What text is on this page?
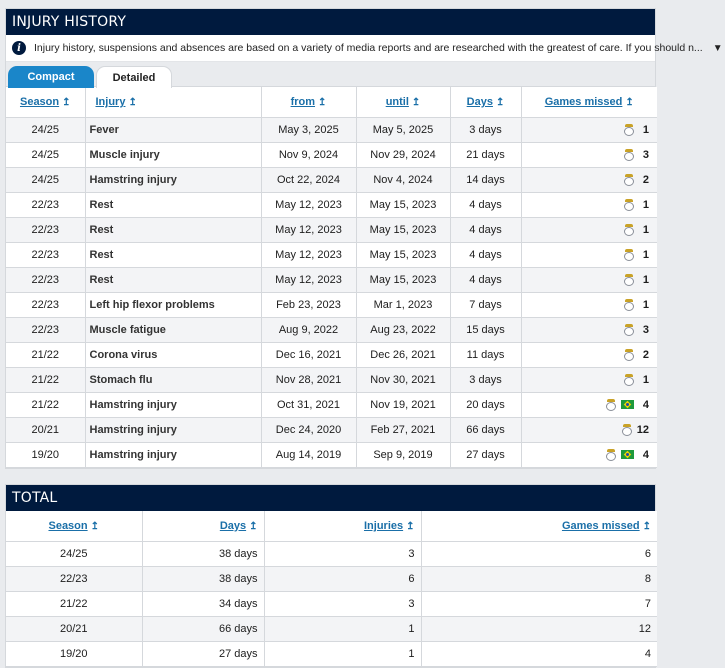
INJURY HISTORY
i	Injury history, suspensions and absences are based on a variety of media reports and are researched with the greatest of care. If you should n... ▼
Compact	Detailed
Season ↥	Injury ↥	from ↥	until ↥	Days ↥	Games missed ↥
24/25	Fever	May 3, 2025	May 5, 2025	3 days	1

24/25	Muscle injury	Nov 9, 2024	Nov 29, 2024	21 days	3

24/25	Hamstring injury	Oct 22, 2024	Nov 4, 2024	14 days	2

22/23	Rest	May 12, 2023	May 15, 2023	4 days	1

22/23	Rest	May 12, 2023	May 15, 2023	4 days	1

22/23	Rest	May 12, 2023	May 15, 2023	4 days	1

22/23	Rest	May 12, 2023	May 15, 2023	4 days	1

22/23	Left hip flexor problems	Feb 23, 2023	Mar 1, 2023	7 days	1

22/23	Muscle fatigue	Aug 9, 2022	Aug 23, 2022	15 days	3

21/22	Corona virus	Dec 16, 2021	Dec 26, 2021	11 days	2

21/22	Stomach flu	Nov 28, 2021	Nov 30, 2021	3 days	1

21/22	Hamstring injury	Oct 31, 2021	Nov 19, 2021	20 days	4

20/21	Hamstring injury	Dec 24, 2020	Feb 27, 2021	66 days	12

19/20	Hamstring injury	Aug 14, 2019	Sep 9, 2019	27 days	4
TOTAL
Season ↥	Days ↥	Injuries ↥	Games missed ↥
24/25	38 days	3	6
22/23	38 days	6	8
21/22	34 days	3	7
20/21	66 days	1	12
19/20	27 days	1	4
